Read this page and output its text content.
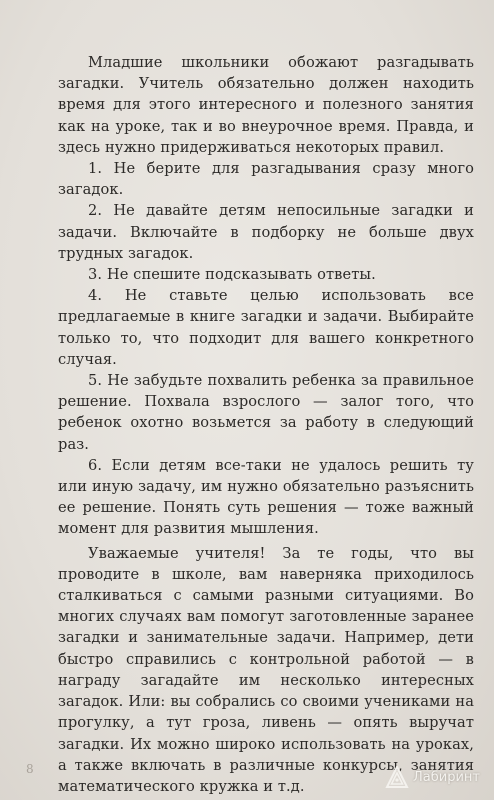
Младшие школьники обожают разгадывать загадки. Учитель обязательно должен находить время для этого интересного и полезного занятия как на уроке, так и во внеурочное время. Правда, и здесь нужно придерживаться некоторых правил.

1. Не берите для разгадывания сразу много загадок.

2. Не давайте детям непосильные загадки и задачи. Включайте в подборку не больше двух трудных загадок.

3. Не спешите подсказывать ответы.

4. Не ставьте целью использовать все предлагаемые в книге загадки и задачи. Выбирайте только то, что подходит для вашего конкретного случая.

5. Не забудьте похвалить ребенка за правильное решение. Похвала взрослого — залог того, что ребенок охотно возьмется за работу в следующий раз.

6. Если детям все-таки не удалось решить ту или иную задачу, им нужно обязательно разъяснить ее решение. Понять суть решения — тоже важный момент для развития мышления.

Уважаемые учителя! За те годы, что вы проводите в школе, вам наверняка приходилось сталкиваться с самыми разными ситуациями. Во многих случаях вам помогут заготовленные заранее загадки и занимательные задачи. Например, дети быстро справились с контрольной работой — в награду загадайте им несколько интересных загадок. Или: вы собрались со своими учениками на прогулку, а тут гроза, ливень — опять выручат загадки. Их можно широко использовать на уроках, а также включать в различные конкурсы, занятия математического кружка и т.д.

8
Лабиринт
